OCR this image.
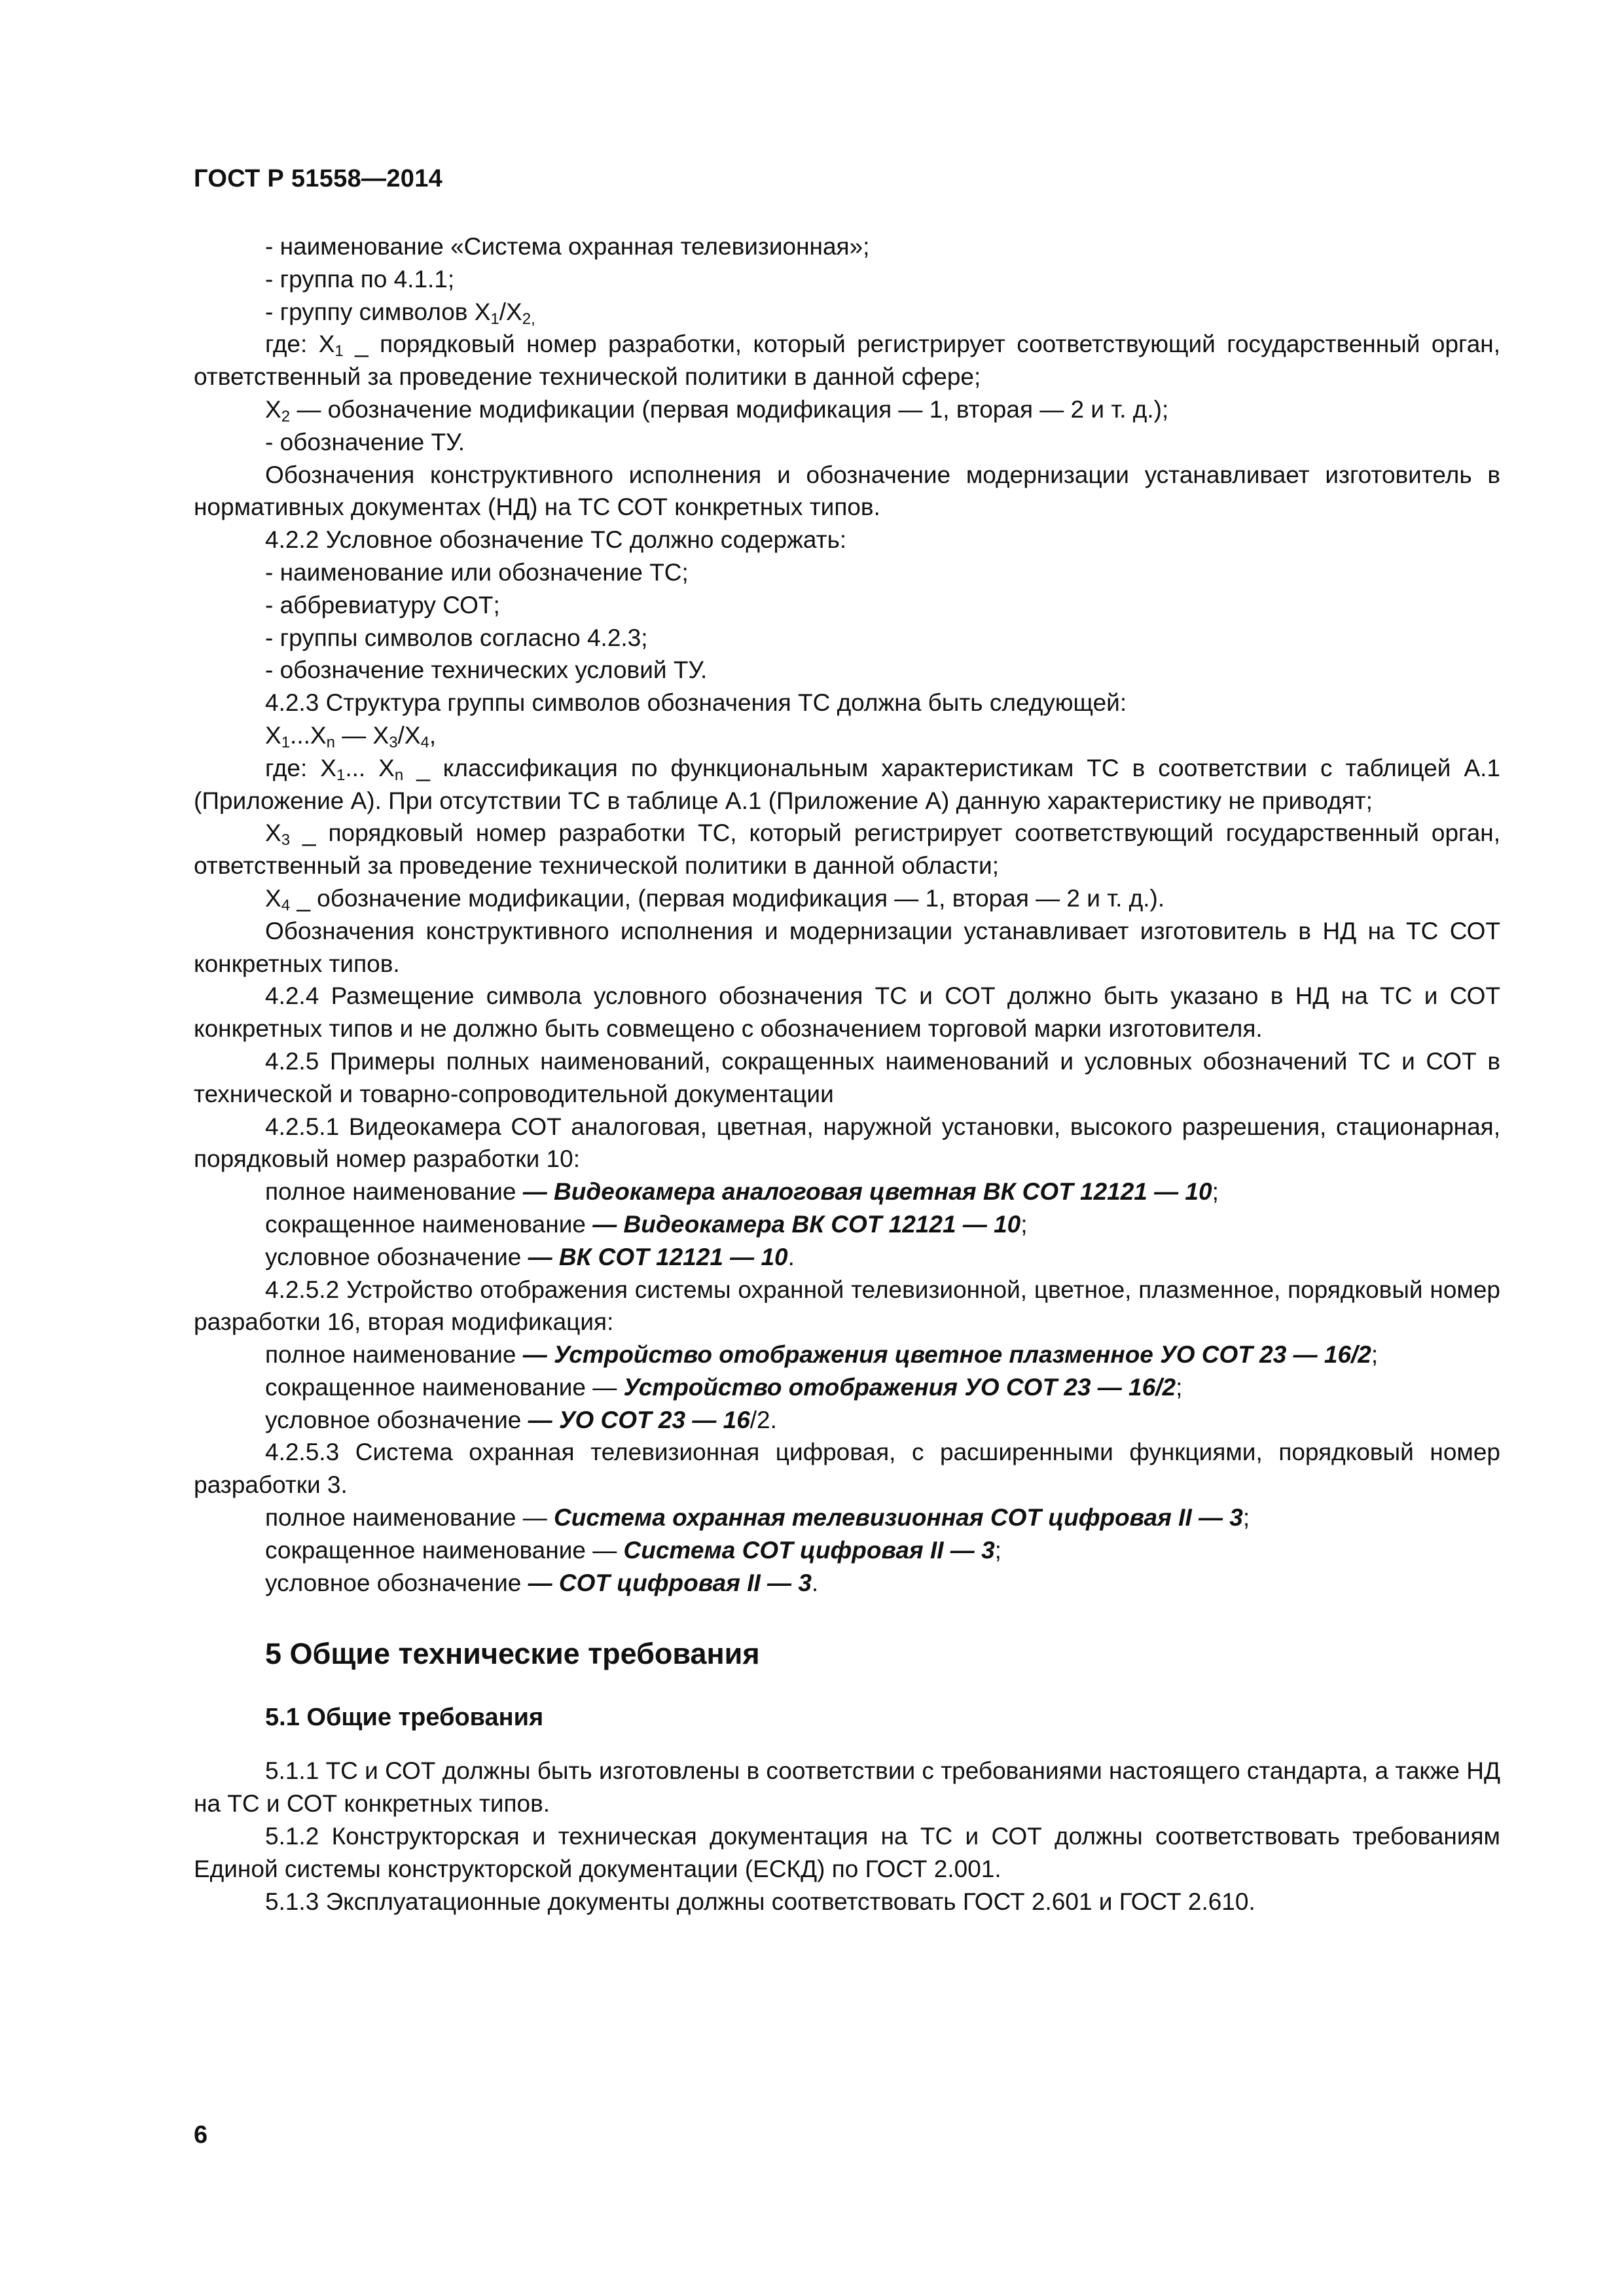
ГОСТ Р 51558—2014

- наименование «Система охранная телевизионная»;

- группа по 4.1.1;

- группу символов $X_1/X_{2,}$

где: $X_1$ _ порядковый номер разработки, который регистрирует соответствующий государственный орган, ответственный за проведение технической политики в данной сфере;

$X_2$ — обозначение модификации (первая модификация — 1, вторая — 2 и т. д.);

- обозначение ТУ.

Обозначения конструктивного исполнения и обозначение модернизации устанавливает изготовитель в нормативных документах (НД) на ТС СОТ конкретных типов.

4.2.2 Условное обозначение ТС должно содержать:

- наименование или обозначение ТС;

- аббревиатуру СОТ;

- группы символов согласно 4.2.3;

- обозначение технических условий ТУ.

4.2.3 Структура группы символов обозначения ТС должна быть следующей:

$X_1...X_n$ — $X_3/X_4$,

где: $X_1$... $X_n$ _ классификация по функциональным характеристикам ТС в соответствии с таблицей А.1 (Приложение А). При отсутствии ТС в таблице А.1 (Приложение А) данную характеристику не приводят;

$X_3$ _ порядковый номер разработки ТС, который регистрирует соответствующий государственный орган, ответственный за проведение технической политики в данной области;

$X_4$ _ обозначение модификации, (первая модификация — 1, вторая — 2 и т. д.).

Обозначения конструктивного исполнения и модернизации устанавливает изготовитель в НД на ТС СОТ конкретных типов.

4.2.4 Размещение символа условного обозначения ТС и СОТ должно быть указано в НД на ТС и СОТ конкретных типов и не должно быть совмещено с обозначением торговой марки изготовителя.

4.2.5 Примеры полных наименований, сокращенных наименований и условных обозначений ТС и СОТ в технической и товарно-сопроводительной документации

4.2.5.1 Видеокамера СОТ аналоговая, цветная, наружной установки, высокого разрешения, стационарная, порядковый номер разработки 10:

полное наименование — Видеокамера аналоговая цветная ВК СОТ 12121 — 10;

сокращенное наименование — Видеокамера ВК СОТ 12121 — 10;

условное обозначение — ВК СОТ 12121 — 10.

4.2.5.2 Устройство отображения системы охранной телевизионной, цветное, плазменное, порядковый номер разработки 16, вторая модификация:

полное наименование — Устройство отображения цветное плазменное УО СОТ 23 — 16/2;

сокращенное наименование — Устройство отображения УО СОТ 23 — 16/2;

условное обозначение — УО СОТ 23 — 16/2.

4.2.5.3 Система охранная телевизионная цифровая, с расширенными функциями, порядковый номер разработки 3.

полное наименование — Система охранная телевизионная СОТ цифровая II — 3;

сокращенное наименование — Система СОТ цифровая II — 3;

условное обозначение — СОТ цифровая II — 3.

5 Общие технические требования
5.1 Общие требования

5.1.1 ТС и СОТ должны быть изготовлены в соответствии с требованиями настоящего стандарта, а также НД на ТС и СОТ конкретных типов.

5.1.2 Конструкторская и техническая документация на ТС и СОТ должны соответствовать требованиям Единой системы конструкторской документации (ЕСКД) по ГОСТ 2.001.

5.1.3 Эксплуатационные документы должны соответствовать ГОСТ 2.601 и ГОСТ 2.610.

6
